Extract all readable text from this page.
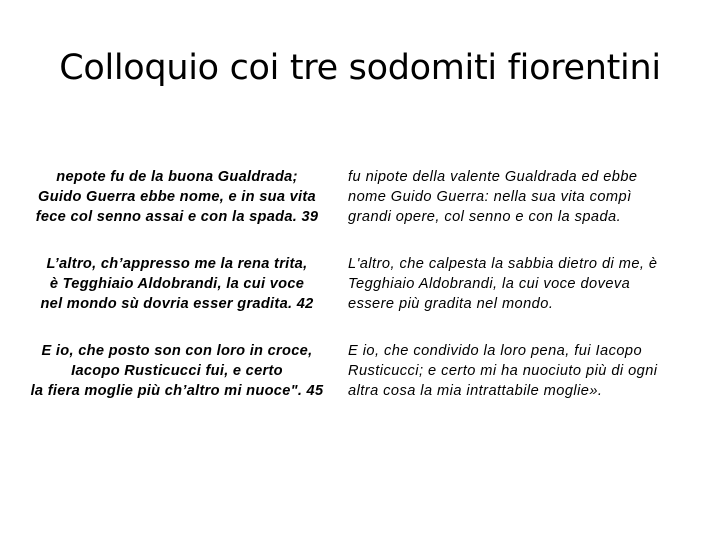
Colloquio coi tre sodomiti fiorentini
nepote fu de la buona Gualdrada;
Guido Guerra ebbe nome, e in sua vita
fece col senno assai e con la spada. 39
L’altro, ch’appresso me la rena trita,
è Tegghiaio Aldobrandi, la cui voce
nel mondo sù dovria esser gradita. 42
E io, che posto son con loro in croce,
Iacopo Rusticucci fui, e certo
la fiera moglie più ch’altro mi nuoce". 45
fu nipote della valente Gualdrada ed ebbe
nome Guido Guerra: nella sua vita compì
grandi opere, col senno e con la spada.
L'altro, che calpesta la sabbia dietro di me, è
Tegghiaio Aldobrandi, la cui voce doveva
essere più gradita nel mondo.
E io, che condivido la loro pena, fui Iacopo
Rusticucci; e certo mi ha nuociuto più di ogni
altra cosa la mia intrattabile moglie».
